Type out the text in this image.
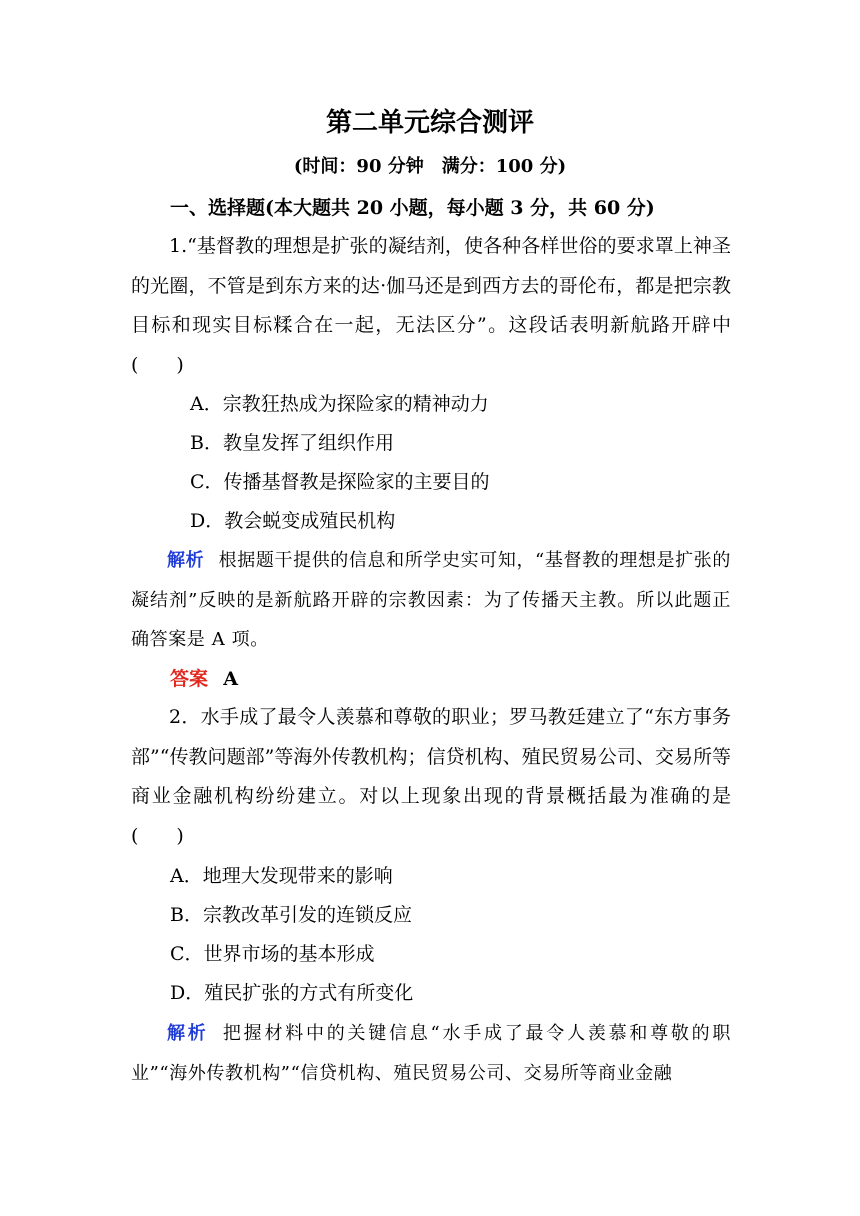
第二单元综合测评
(时间：90 分钟　满分：100 分)
一、选择题(本大题共 20 小题，每小题 3 分，共 60 分)
1.“基督教的理想是扩张的凝结剂，使各种各样世俗的要求罩上神圣的光圈，不管是到东方来的达·伽马还是到西方去的哥伦布，都是把宗教目标和现实目标糅合在一起，无法区分”。这段话表明新航路开辟中(　　)
A．宗教狂热成为探险家的精神动力
B．教皇发挥了组织作用
C．传播基督教是探险家的主要目的
D．教会蜕变成殖民机构
解析 根据题干提供的信息和所学史实可知，“基督教的理想是扩张的凝结剂”反映的是新航路开辟的宗教因素：为了传播天主教。所以此题正确答案是 A 项。
答案 A
2．水手成了最令人羡慕和尊敬的职业；罗马教廷建立了“东方事务部”“传教问题部”等海外传教机构；信贷机构、殖民贸易公司、交易所等商业金融机构纷纷建立。对以上现象出现的背景概括最为准确的是(　　)
A．地理大发现带来的影响
B．宗教改革引发的连锁反应
C．世界市场的基本形成
D．殖民扩张的方式有所变化
解析 把握材料中的关键信息“水手成了最令人羡慕和尊敬的职业”“海外传教机构”“信贷机构、殖民贸易公司、交易所等商业金融
